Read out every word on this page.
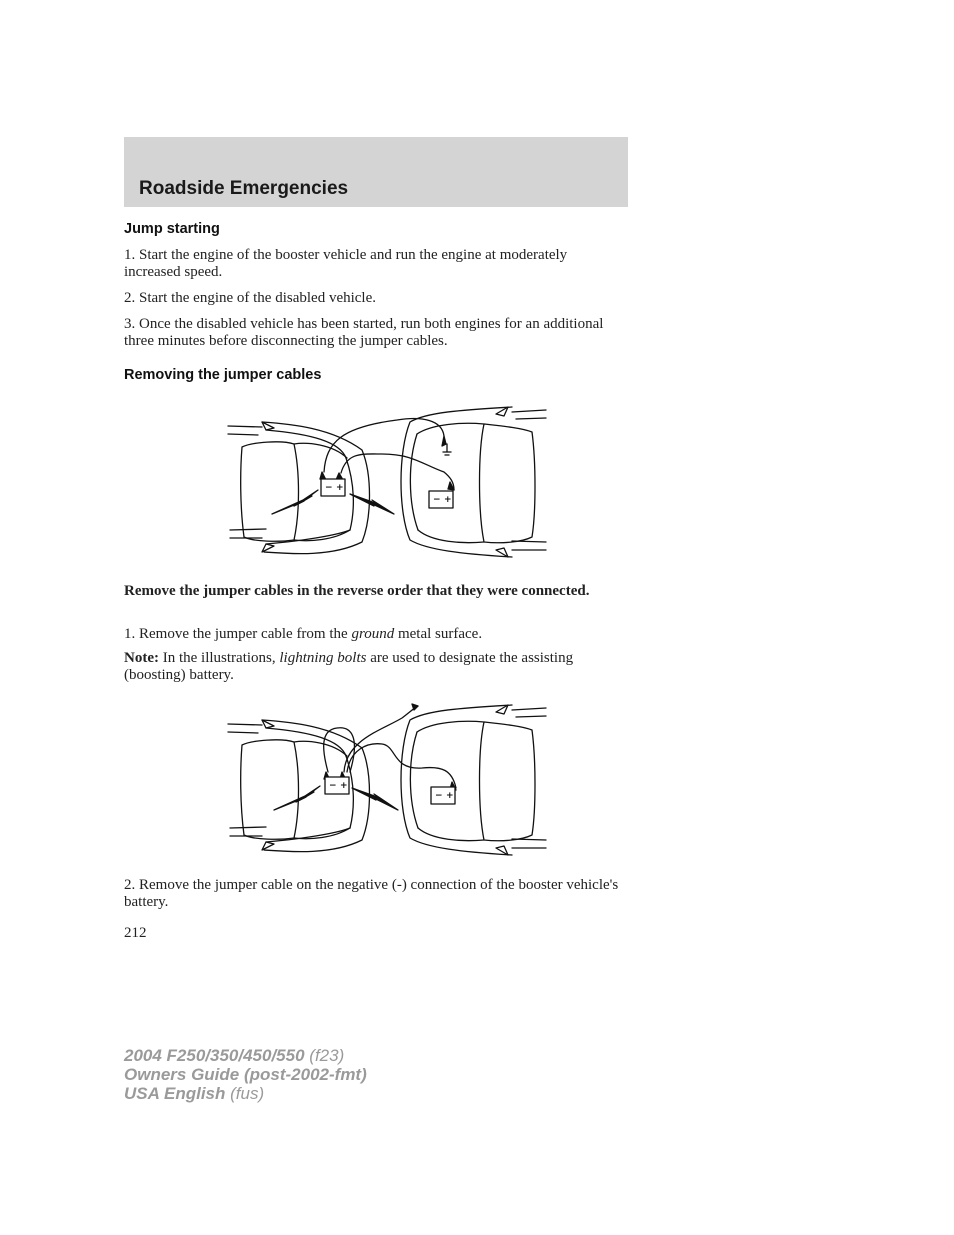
Roadside Emergencies
Jump starting

1. Start the engine of the booster vehicle and run the engine at moderately increased speed.

2. Start the engine of the disabled vehicle.

3. Once the disabled vehicle has been started, run both engines for an additional three minutes before disconnecting the jumper cables.

Removing the jumper cables
− +
− +

Remove the jumper cables in the reverse order that they were connected.

1. Remove the jumper cable from the ground metal surface.

Note: In the illustrations, lightning bolts are used to designate the assisting (boosting) battery.

− +
− +

2. Remove the jumper cable on the negative (-) connection of the booster vehicle's battery.

212

2004 F250/350/450/550 (f23)
Owners Guide (post-2002-fmt)
USA English (fus)
